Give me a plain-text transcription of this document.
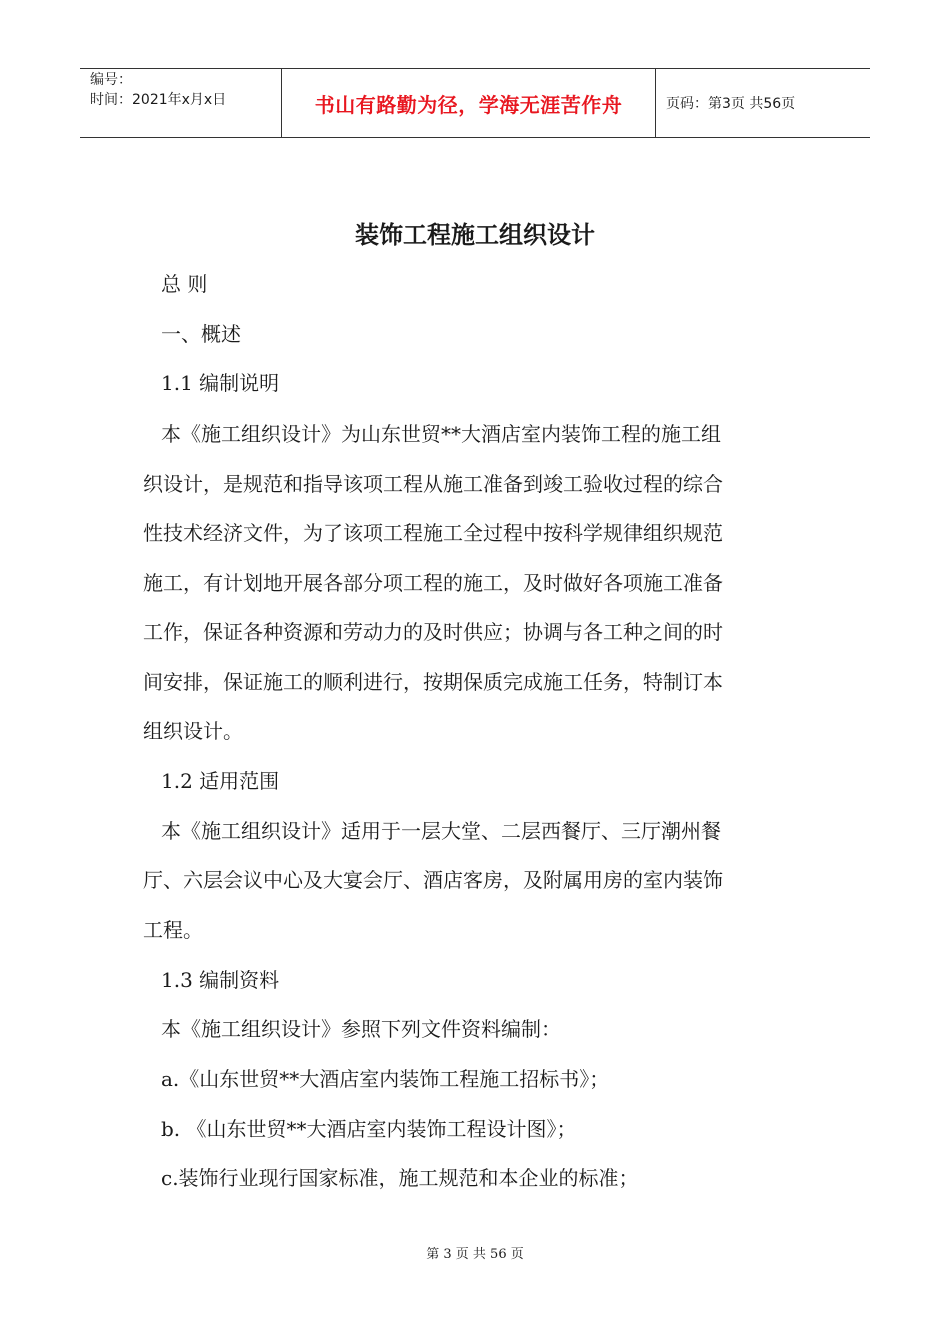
编号：
时间：2021年x月x日	书山有路勤为径，学海无涯苦作舟	页码：第3页 共56页
装饰工程施工组织设计
总 则
一、概述
1.1 编制说明
本《施工组织设计》为山东世贸**大酒店室内装饰工程的施工组
织设计，是规范和指导该项工程从施工准备到竣工验收过程的综合
性技术经济文件，为了该项工程施工全过程中按科学规律组织规范
施工，有计划地开展各部分项工程的施工，及时做好各项施工准备
工作，保证各种资源和劳动力的及时供应；协调与各工种之间的时
间安排，保证施工的顺利进行，按期保质完成施工任务，特制订本
组织设计。
1.2 适用范围
本《施工组织设计》适用于一层大堂、二层西餐厅、三厅潮州餐
厅、六层会议中心及大宴会厅、酒店客房，及附属用房的室内装饰
工程。
1.3 编制资料
本《施工组织设计》参照下列文件资料编制：
a.《山东世贸**大酒店室内装饰工程施工招标书》；
b. 《山东世贸**大酒店室内装饰工程设计图》；
c.装饰行业现行国家标准，施工规范和本企业的标准；
第 3 页 共 56 页
